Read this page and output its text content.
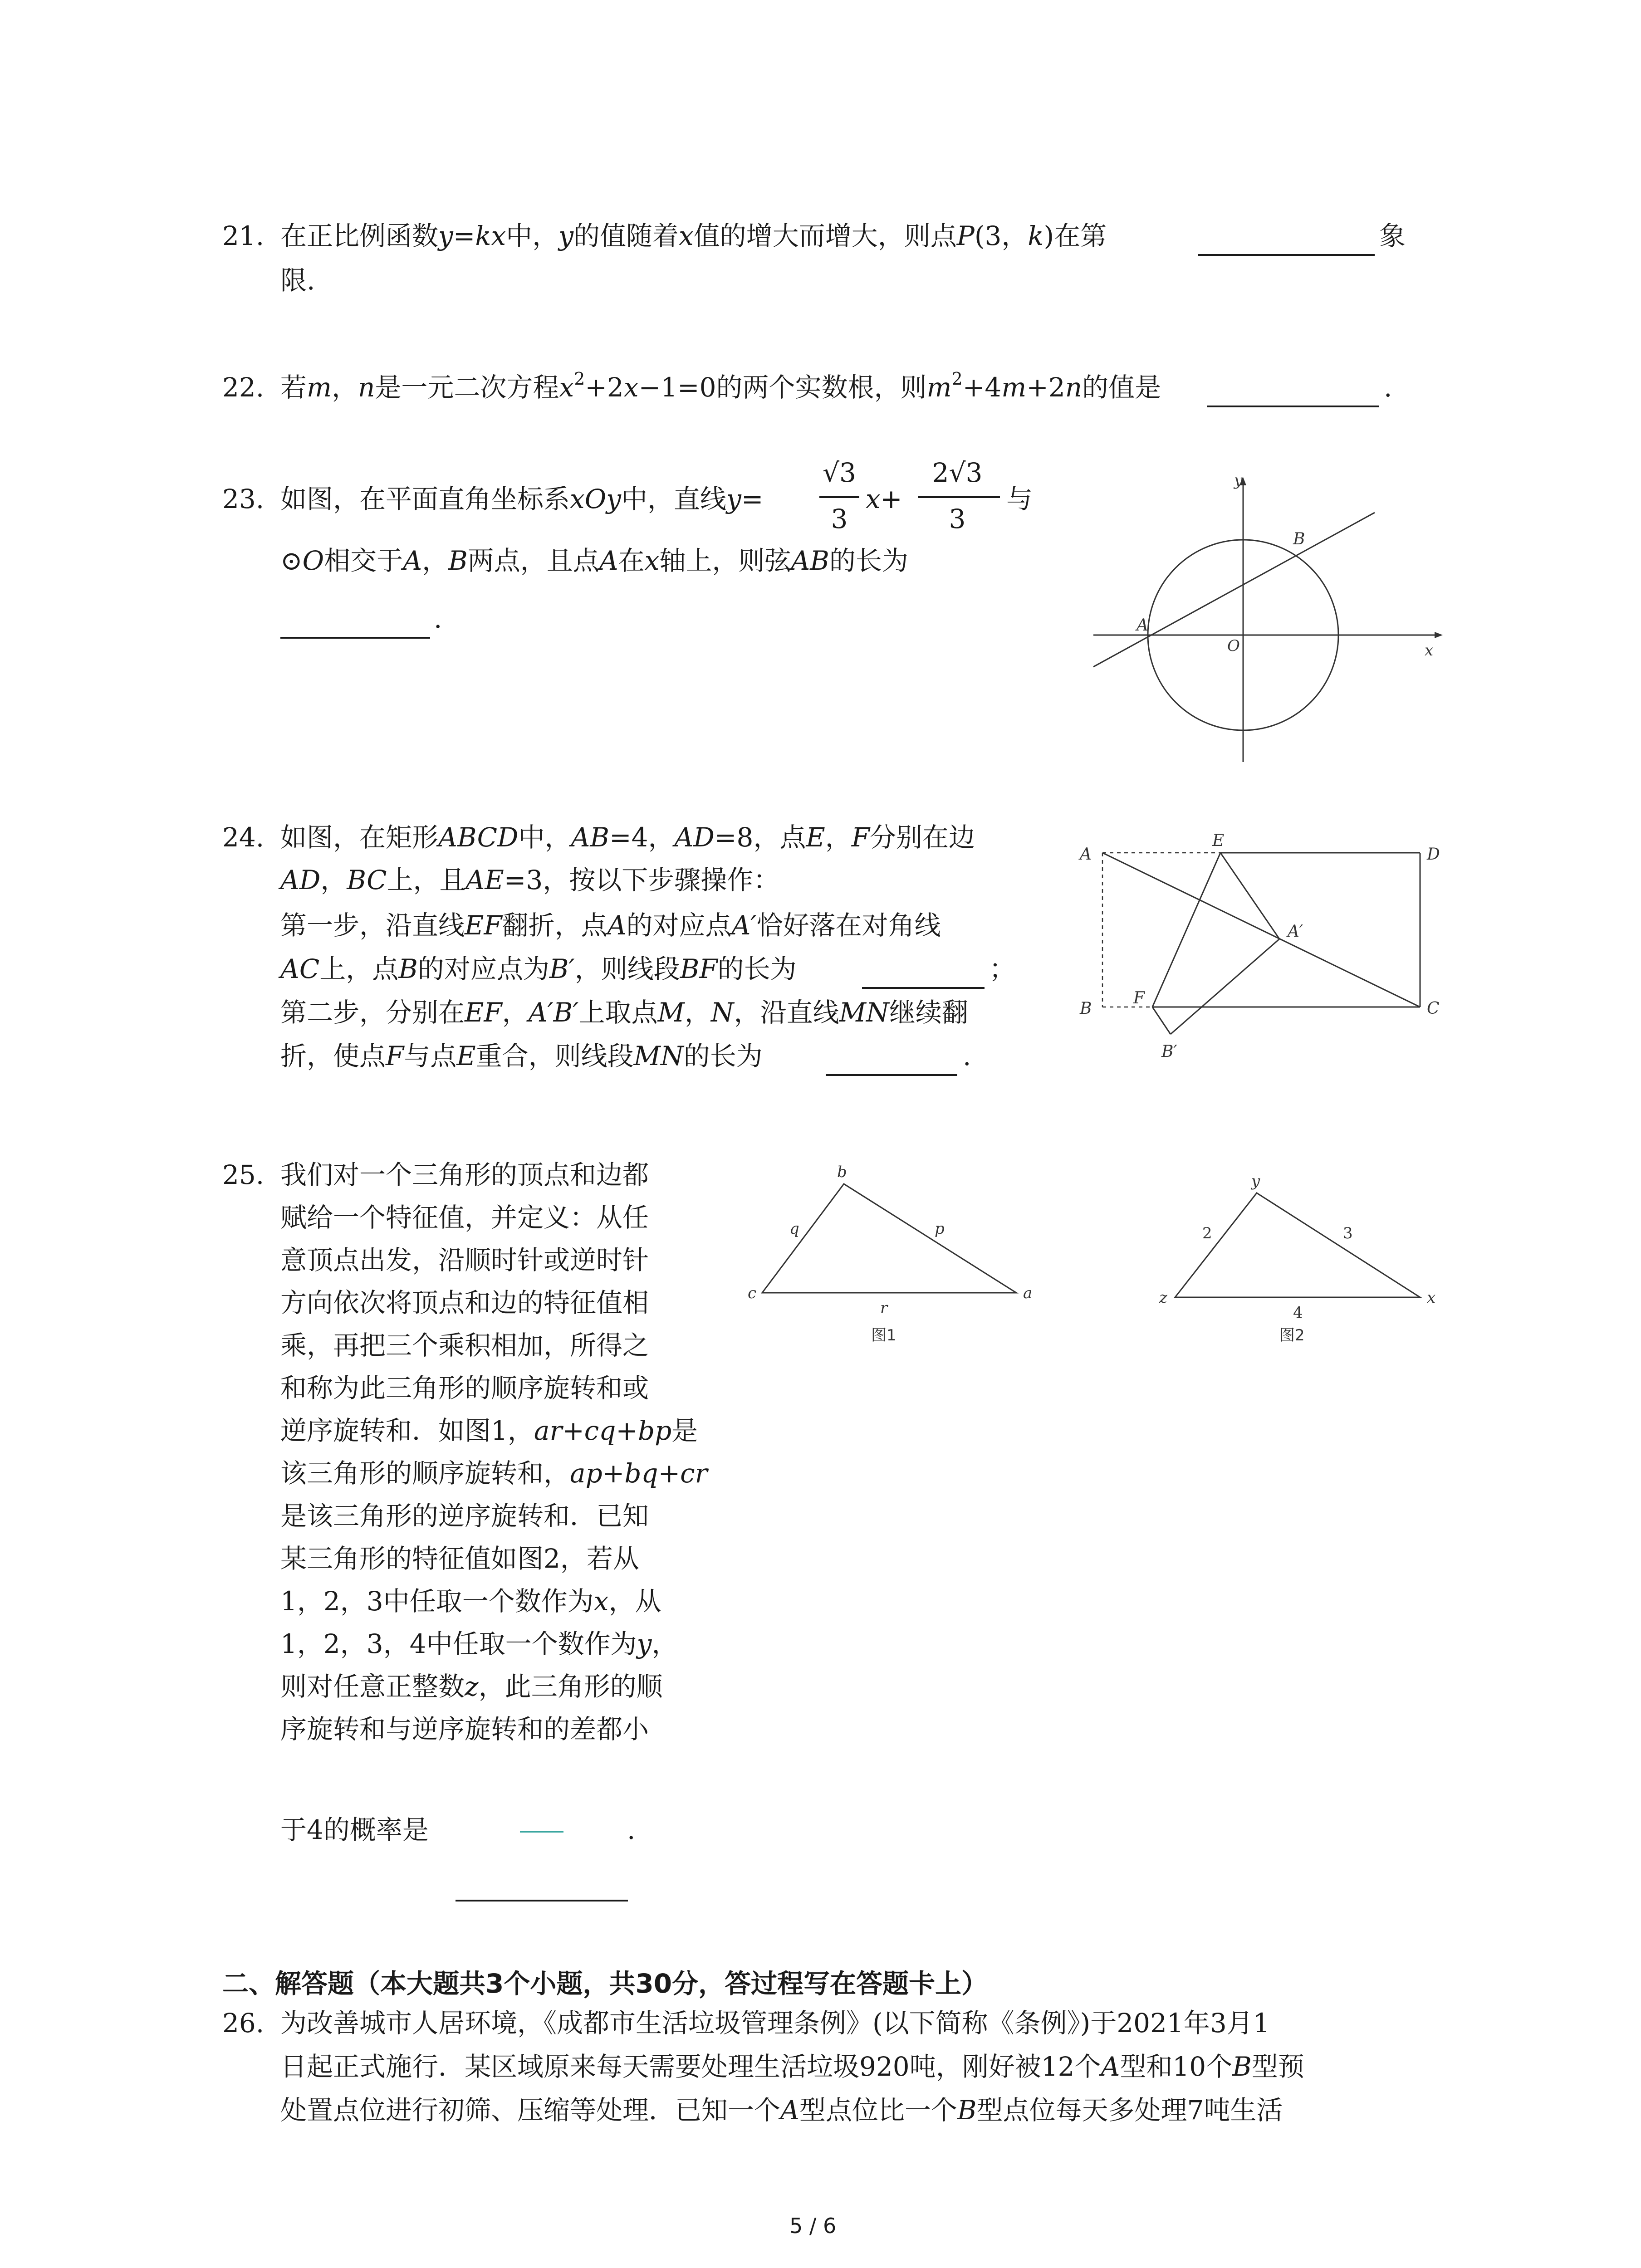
21. 在正比例函数y=kx中，y的值随着x值的增大而增大，则点P(3，k)在第	象
限.
22. 若m，n是一元二次方程$x^2+2x-1=0$的两个实数根，则$m^2+4m+2n$的值是	.
23. 如图，在平面直角坐标系xOy中，直线y=
√3
3
x +
2√3
3
与
⊙O相交于A，B两点，且点A在x轴上，则弦AB的长为
.
y
x
A
B
O
24. 如图，在矩形ABCD中，AB=4，AD=8，点E，F分别在边
AD，BC上，且AE=3，按以下步骤操作：
第一步，沿直线EF翻折，点A的对应点A′恰好落在对角线
AC上，点B的对应点为B′，则线段BF的长为	；
第二步，分别在EF，A′B′上取点M，N，沿直线MN继续翻
折，使点F与点E重合，则线段MN的长为	.
A
E
D
A′
B
F
C
B′
25. 我们对一个三角形的顶点和边都
赋给一个特征值，并定义：从任
意顶点出发，沿顺时针或逆时针
方向依次将顶点和边的特征值相
乘，再把三个乘积相加，所得之
和称为此三角形的顺序旋转和或
逆序旋转和．如图1，ar+cq+bp是
该三角形的顺序旋转和，ap+bq+cr
是该三角形的逆序旋转和．已知
某三角形的特征值如图2，若从
1，2，3中任取一个数作为x，从
1，2，3，4中任取一个数作为y，
则对任意正整数z，此三角形的顺
序旋转和与逆序旋转和的差都小
于4的概率是	.
b
q	p
c	a
r
图1
y
2	3
z	x
4
图2
二、解答题（本大题共3个小题，共30分，答过程写在答题卡上）
26. 为改善城市人居环境，《成都市生活垃圾管理条例》(以下简称《条例》)于2021年3月1
日起正式施行．某区域原来每天需要处理生活垃圾920吨，刚好被12个A型和10个B型预
处置点位进行初筛、压缩等处理．已知一个A型点位比一个B型点位每天多处理7吨生活
5 / 6
